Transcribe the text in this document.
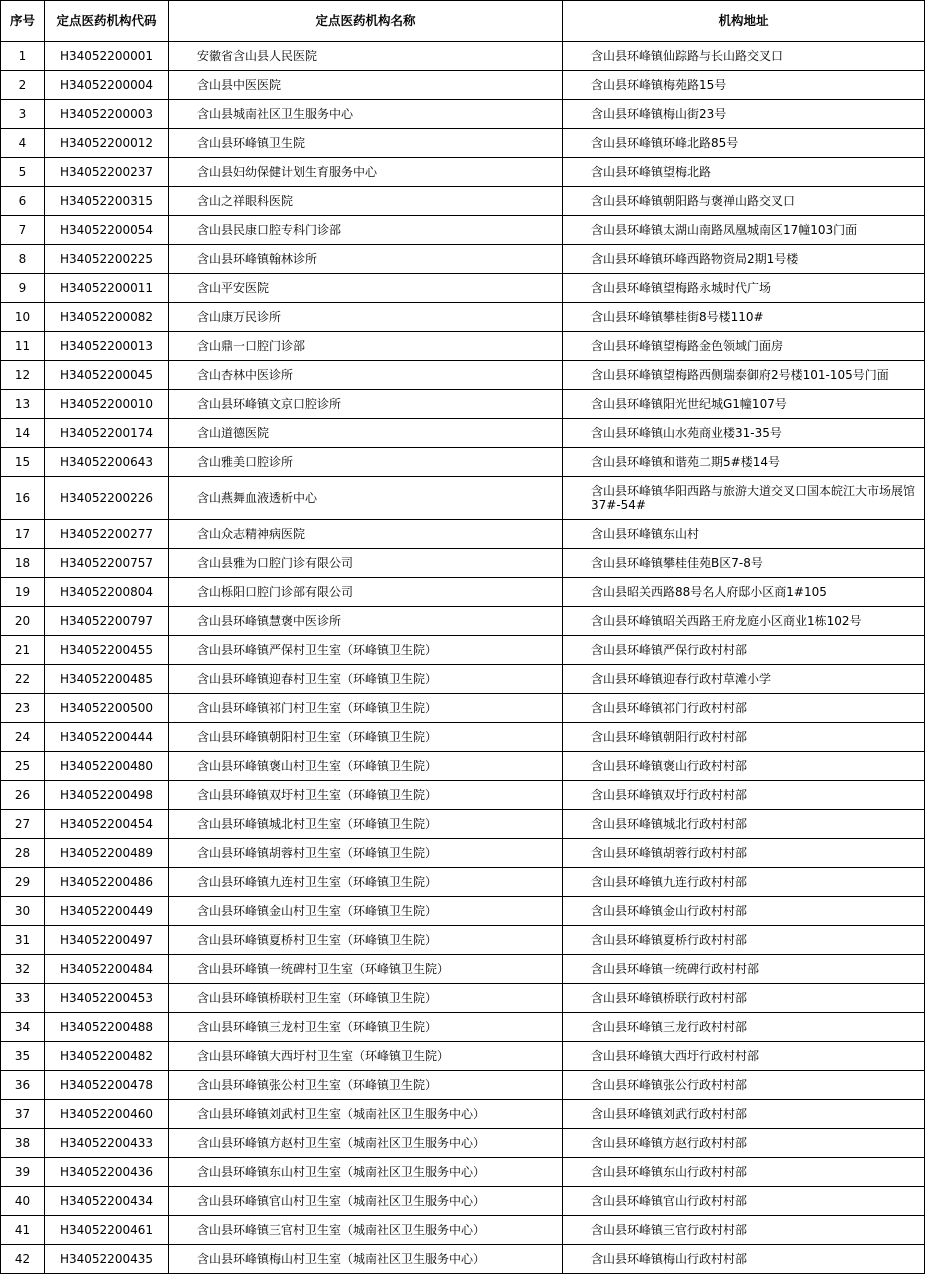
序号	定点医药机构代码	定点医药机构名称	机构地址
1	H34052200001	安徽省含山县人民医院	含山县环峰镇仙踪路与长山路交叉口
2	H34052200004	含山县中医医院	含山县环峰镇梅苑路15号
3	H34052200003	含山县城南社区卫生服务中心	含山县环峰镇梅山街23号
4	H34052200012	含山县环峰镇卫生院	含山县环峰镇环峰北路85号
5	H34052200237	含山县妇幼保健计划生育服务中心	含山县环峰镇望梅北路
6	H34052200315	含山之祥眼科医院	含山县环峰镇朝阳路与褒禅山路交叉口
7	H34052200054	含山县民康口腔专科门诊部	含山县环峰镇太湖山南路凤凰城南区17幢103门面
8	H34052200225	含山县环峰镇翰林诊所	含山县环峰镇环峰西路物资局2期1号楼
9	H34052200011	含山平安医院	含山县环峰镇望梅路永城时代广场
10	H34052200082	含山康万民诊所	含山县环峰镇攀桂街8号楼110#
11	H34052200013	含山鼎一口腔门诊部	含山县环峰镇望梅路金色领域门面房
12	H34052200045	含山杏林中医诊所	含山县环峰镇望梅路西侧瑞泰御府2号楼101-105号门面
13	H34052200010	含山县环峰镇文京口腔诊所	含山县环峰镇阳光世纪城G1幢107号
14	H34052200174	含山道德医院	含山县环峰镇山水苑商业楼31-35号
15	H34052200643	含山雅美口腔诊所	含山县环峰镇和谐苑二期5#楼14号
16	H34052200226	含山燕舞血液透析中心	含山县环峰镇华阳西路与旅游大道交叉口国本皖江大市场展馆37#-54#
17	H34052200277	含山众志精神病医院	含山县环峰镇东山村
18	H34052200757	含山县雅为口腔门诊有限公司	含山县环峰镇攀桂佳苑B区7-8号
19	H34052200804	含山栎阳口腔门诊部有限公司	含山县昭关西路88号名人府邸小区商1#105
20	H34052200797	含山县环峰镇慧褒中医诊所	含山县环峰镇昭关西路王府龙庭小区商业1栋102号
21	H34052200455	含山县环峰镇严保村卫生室（环峰镇卫生院）	含山县环峰镇严保行政村村部
22	H34052200485	含山县环峰镇迎春村卫生室（环峰镇卫生院）	含山县环峰镇迎春行政村草滩小学
23	H34052200500	含山县环峰镇祁门村卫生室（环峰镇卫生院）	含山县环峰镇祁门行政村村部
24	H34052200444	含山县环峰镇朝阳村卫生室（环峰镇卫生院）	含山县环峰镇朝阳行政村村部
25	H34052200480	含山县环峰镇褒山村卫生室（环峰镇卫生院）	含山县环峰镇褒山行政村村部
26	H34052200498	含山县环峰镇双圩村卫生室（环峰镇卫生院）	含山县环峰镇双圩行政村村部
27	H34052200454	含山县环峰镇城北村卫生室（环峰镇卫生院）	含山县环峰镇城北行政村村部
28	H34052200489	含山县环峰镇胡蓉村卫生室（环峰镇卫生院）	含山县环峰镇胡蓉行政村村部
29	H34052200486	含山县环峰镇九连村卫生室（环峰镇卫生院）	含山县环峰镇九连行政村村部
30	H34052200449	含山县环峰镇金山村卫生室（环峰镇卫生院）	含山县环峰镇金山行政村村部
31	H34052200497	含山县环峰镇夏桥村卫生室（环峰镇卫生院）	含山县环峰镇夏桥行政村村部
32	H34052200484	含山县环峰镇一统碑村卫生室（环峰镇卫生院）	含山县环峰镇一统碑行政村村部
33	H34052200453	含山县环峰镇桥联村卫生室（环峰镇卫生院）	含山县环峰镇桥联行政村村部
34	H34052200488	含山县环峰镇三龙村卫生室（环峰镇卫生院）	含山县环峰镇三龙行政村村部
35	H34052200482	含山县环峰镇大西圩村卫生室（环峰镇卫生院）	含山县环峰镇大西圩行政村村部
36	H34052200478	含山县环峰镇张公村卫生室（环峰镇卫生院）	含山县环峰镇张公行政村村部
37	H34052200460	含山县环峰镇刘武村卫生室（城南社区卫生服务中心）	含山县环峰镇刘武行政村村部
38	H34052200433	含山县环峰镇方赵村卫生室（城南社区卫生服务中心）	含山县环峰镇方赵行政村村部
39	H34052200436	含山县环峰镇东山村卫生室（城南社区卫生服务中心）	含山县环峰镇东山行政村村部
40	H34052200434	含山县环峰镇官山村卫生室（城南社区卫生服务中心）	含山县环峰镇官山行政村村部
41	H34052200461	含山县环峰镇三官村卫生室（城南社区卫生服务中心）	含山县环峰镇三官行政村村部
42	H34052200435	含山县环峰镇梅山村卫生室（城南社区卫生服务中心）	含山县环峰镇梅山行政村村部
